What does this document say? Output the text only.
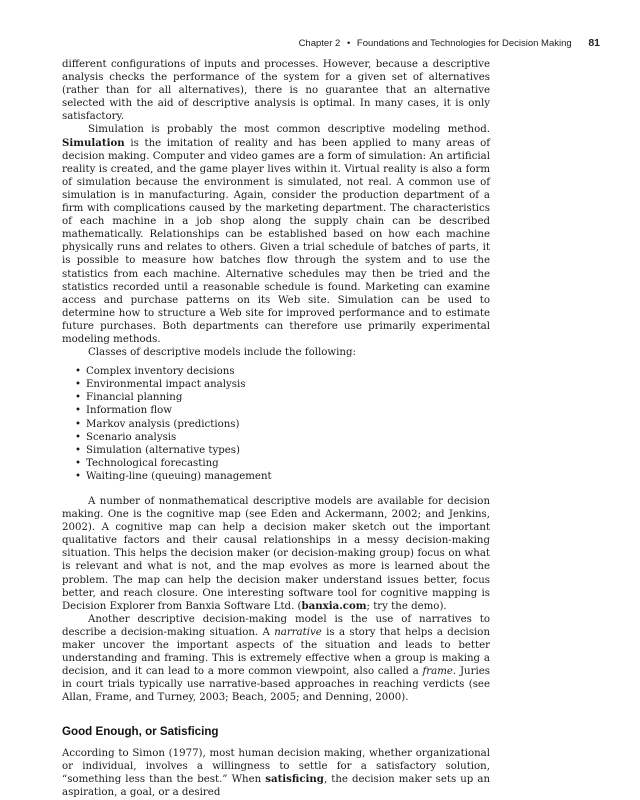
Chapter 2 • Foundations and Technologies for Decision Making 81

different configurations of inputs and processes. However, because a descriptive analysis checks the performance of the system for a given set of alternatives (rather than for all alternatives), there is no guarantee that an alternative selected with the aid of descriptive analysis is optimal. In many cases, it is only satisfactory.

Simulation is probably the most common descriptive modeling method. Simulation is the imitation of reality and has been applied to many areas of decision making. Computer and video games are a form of simulation: An artificial reality is created, and the game player lives within it. Virtual reality is also a form of simulation because the environment is simulated, not real. A common use of simulation is in manufacturing. Again, consider the production department of a firm with complications caused by the marketing department. The characteristics of each machine in a job shop along the supply chain can be described mathematically. Relationships can be established based on how each machine physically runs and relates to others. Given a trial schedule of batches of parts, it is possible to measure how batches flow through the system and to use the statistics from each machine. Alternative schedules may then be tried and the statistics recorded until a reasonable schedule is found. Marketing can examine access and purchase patterns on its Web site. Simulation can be used to determine how to structure a Web site for improved performance and to estimate future purchases. Both departments can therefore use primarily experimental modeling methods.

Classes of descriptive models include the following:

• Complex inventory decisions
• Environmental impact analysis
• Financial planning
• Information flow
• Markov analysis (predictions)
• Scenario analysis
• Simulation (alternative types)
• Technological forecasting
• Waiting-line (queuing) management

A number of nonmathematical descriptive models are available for decision making. One is the cognitive map (see Eden and Ackermann, 2002; and Jenkins, 2002). A cognitive map can help a decision maker sketch out the important qualitative factors and their causal relationships in a messy decision-making situation. This helps the decision maker (or decision-making group) focus on what is relevant and what is not, and the map evolves as more is learned about the problem. The map can help the decision maker understand issues better, focus better, and reach closure. One interesting software tool for cognitive mapping is Decision Explorer from Banxia Software Ltd. (banxia.com; try the demo).

Another descriptive decision-making model is the use of narratives to describe a decision-making situation. A narrative is a story that helps a decision maker uncover the important aspects of the situation and leads to better understanding and framing. This is extremely effective when a group is making a decision, and it can lead to a more common viewpoint, also called a frame. Juries in court trials typically use narrative-based approaches in reaching verdicts (see Allan, Frame, and Turney, 2003; Beach, 2005; and Denning, 2000).

Good Enough, or Satisficing

According to Simon (1977), most human decision making, whether organizational or individual, involves a willingness to settle for a satisfactory solution, “something less than the best.” When satisficing, the decision maker sets up an aspiration, a goal, or a desired
